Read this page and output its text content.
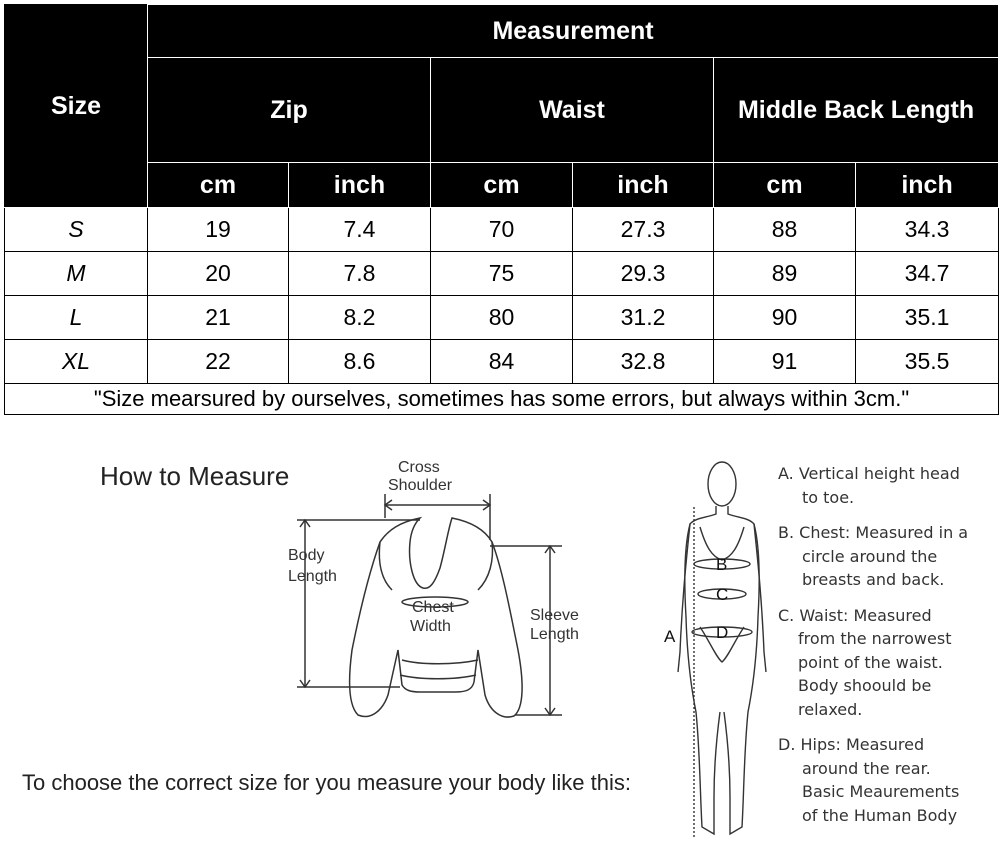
Size	Measurement					
	Zip		Waist		Middle Back Length	
	cm	inch	cm	inch	cm	inch
S	19	7.4	70	27.3	88	34.3
M	20	7.8	75	29.3	89	34.7
L	21	8.2	80	31.2	90	35.1
XL	22	8.6	84	32.8	91	35.5
"Size mearsured by ourselves, sometimes has some errors, but always within 3cm."						
How to Measure
To choose the correct size for you measure your body like this:
Cross
Shoulder
Body
Length
Chest
Width
Sleeve
Length
B
C
D
A
A. Vertical height head
to toe.
B. Chest: Measured in a
circle around the
breasts and back.
C. Waist: Measured
from the narrowest
point of the waist.
Body shoould be
relaxed.
D. Hips: Measured
around the rear.
Basic Meaurements
of the Human Body
